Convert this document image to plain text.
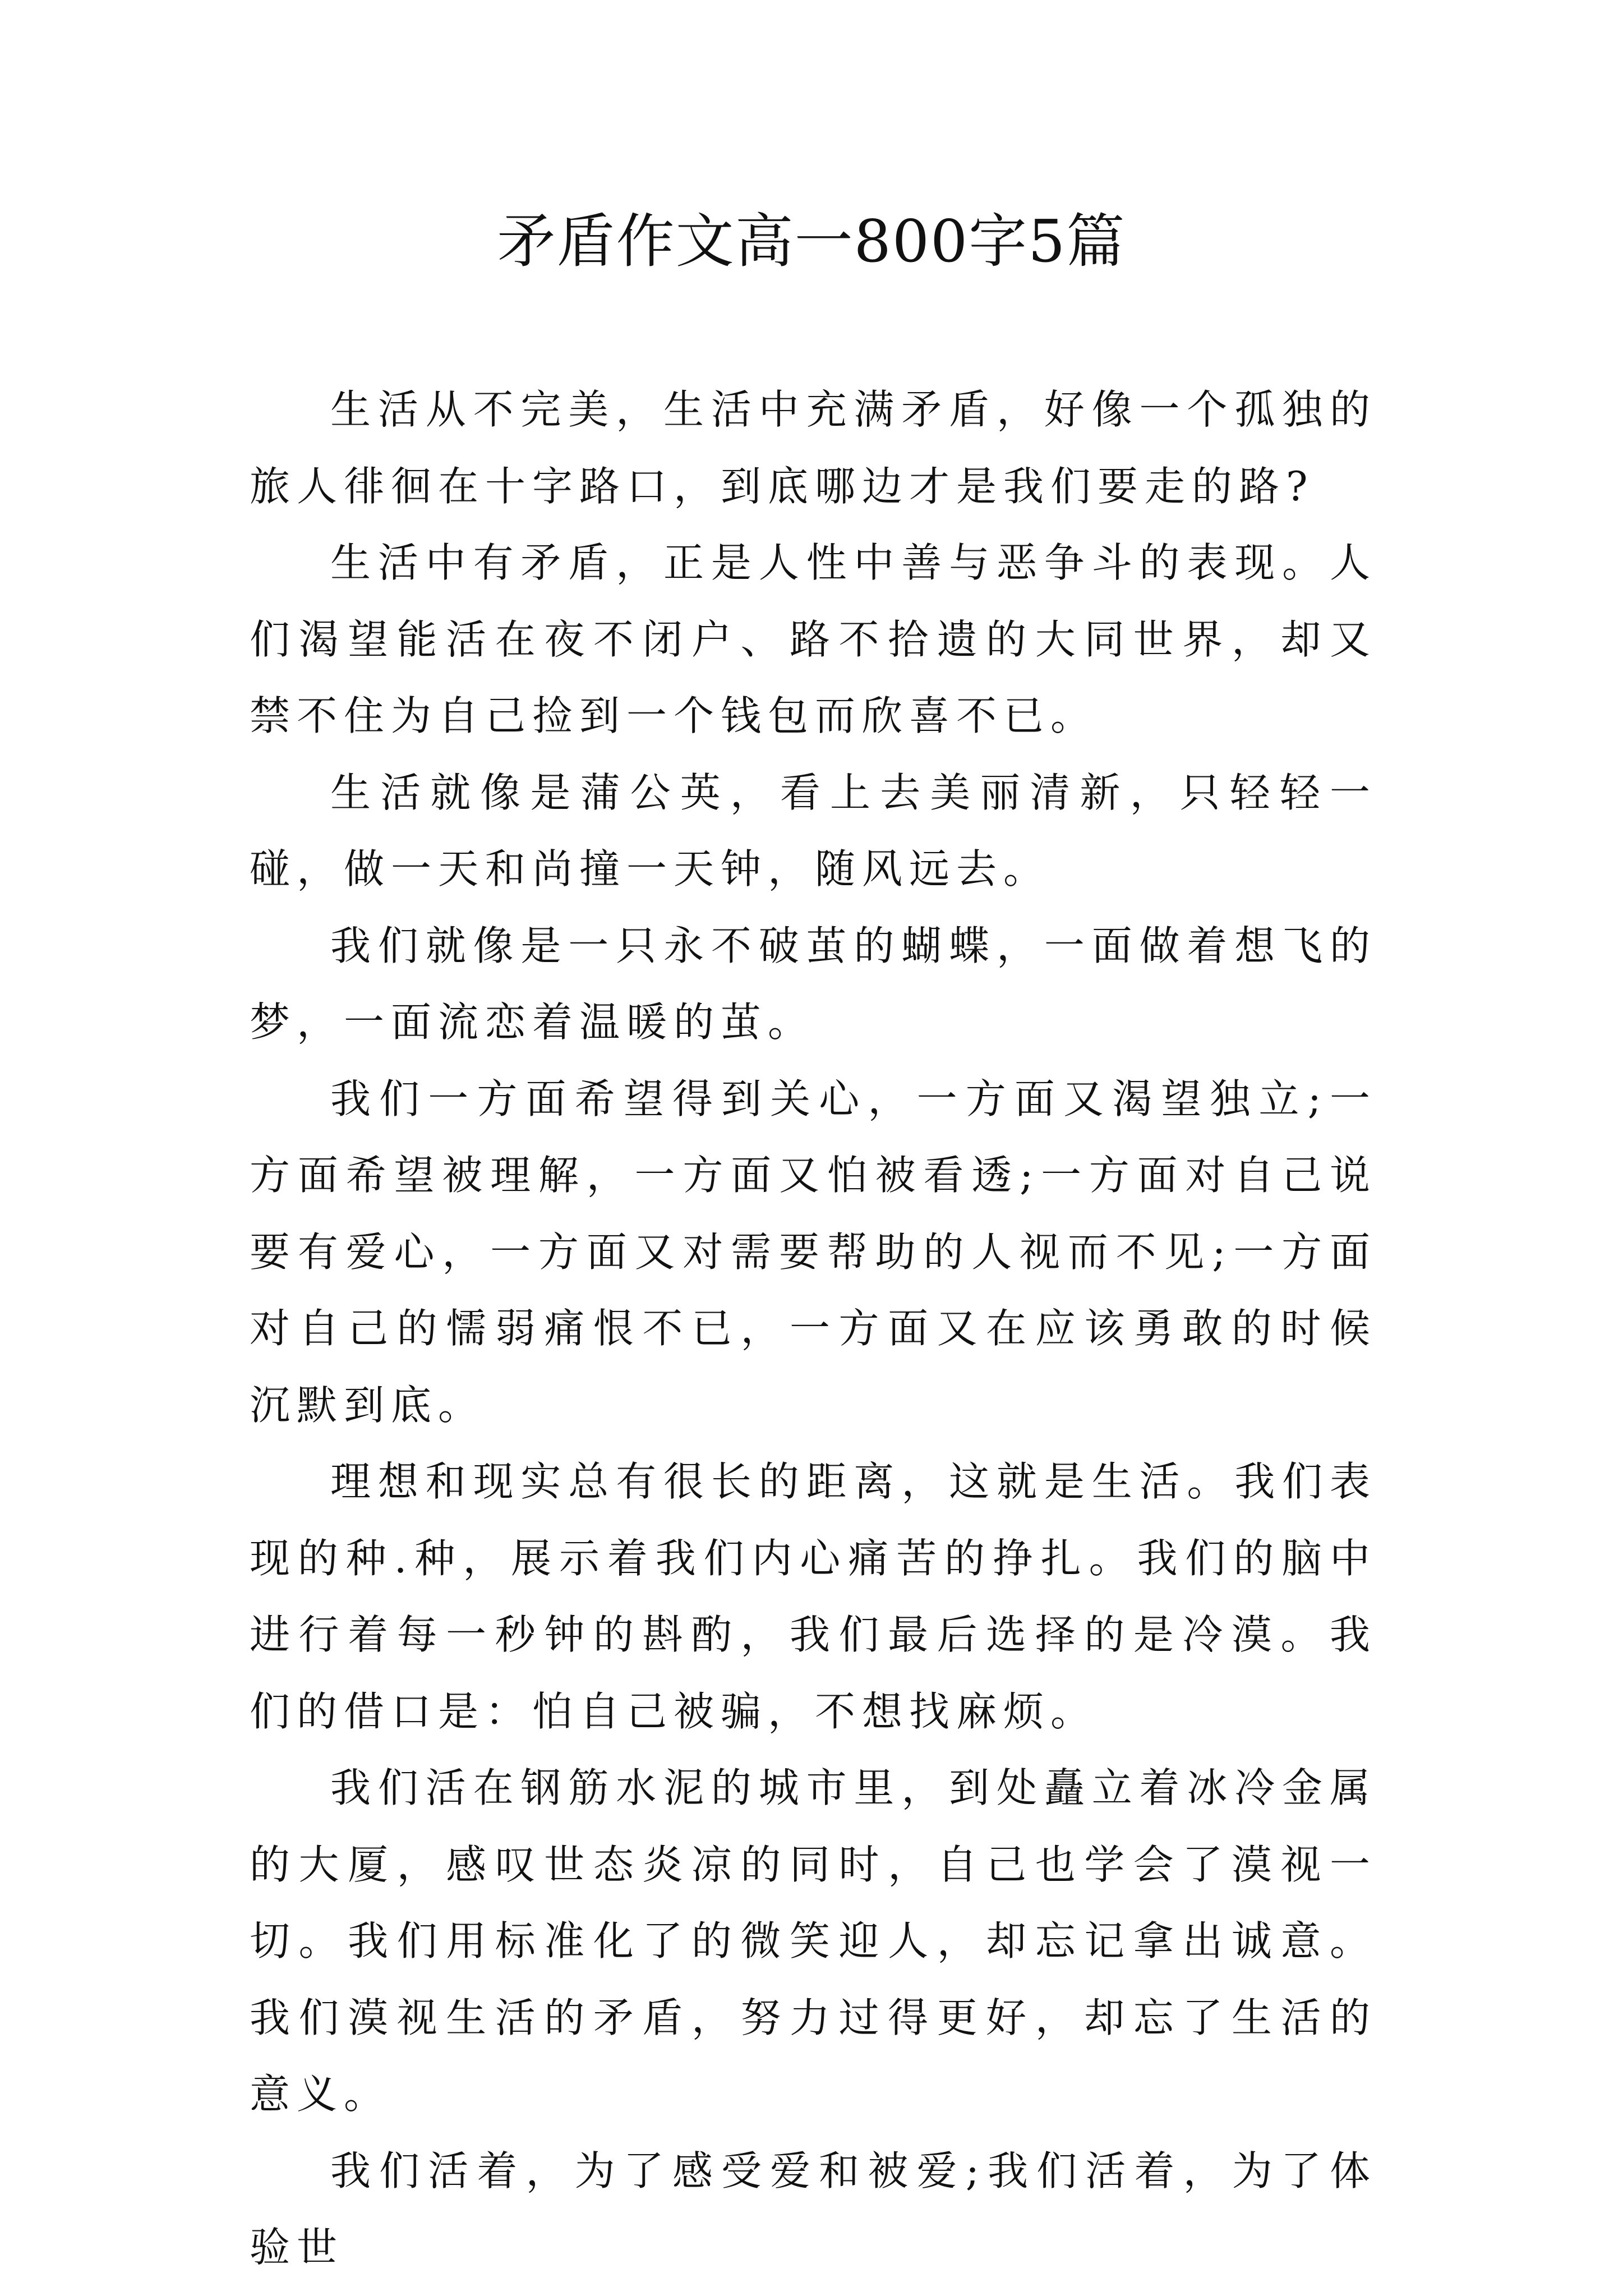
矛盾作文高一800字5篇

生活从不完美，生活中充满矛盾，好像一个孤独的旅人徘徊在十字路口，到底哪边才是我们要走的路?

生活中有矛盾，正是人性中善与恶争斗的表现。人们渴望能活在夜不闭户、路不拾遗的大同世界，却又禁不住为自己捡到一个钱包而欣喜不已。

生活就像是蒲公英，看上去美丽清新，只轻轻一碰，做一天和尚撞一天钟，随风远去。

我们就像是一只永不破茧的蝴蝶，一面做着想飞的梦，一面流恋着温暖的茧。

我们一方面希望得到关心，一方面又渴望独立;一方面希望被理解，一方面又怕被看透;一方面对自己说要有爱心，一方面又对需要帮助的人视而不见;一方面对自己的懦弱痛恨不已，一方面又在应该勇敢的时候沉默到底。

理想和现实总有很长的距离，这就是生活。我们表现的种.种，展示着我们内心痛苦的挣扎。我们的脑中进行着每一秒钟的斟酌，我们最后选择的是冷漠。我们的借口是：怕自己被骗，不想找麻烦。

我们活在钢筋水泥的城市里，到处矗立着冰冷金属的大厦，感叹世态炎凉的同时，自己也学会了漠视一切。我们用标准化了的微笑迎人，却忘记拿出诚意。我们漠视生活的矛盾，努力过得更好，却忘了生活的意义。

我们活着，为了感受爱和被爱;我们活着，为了体验世
